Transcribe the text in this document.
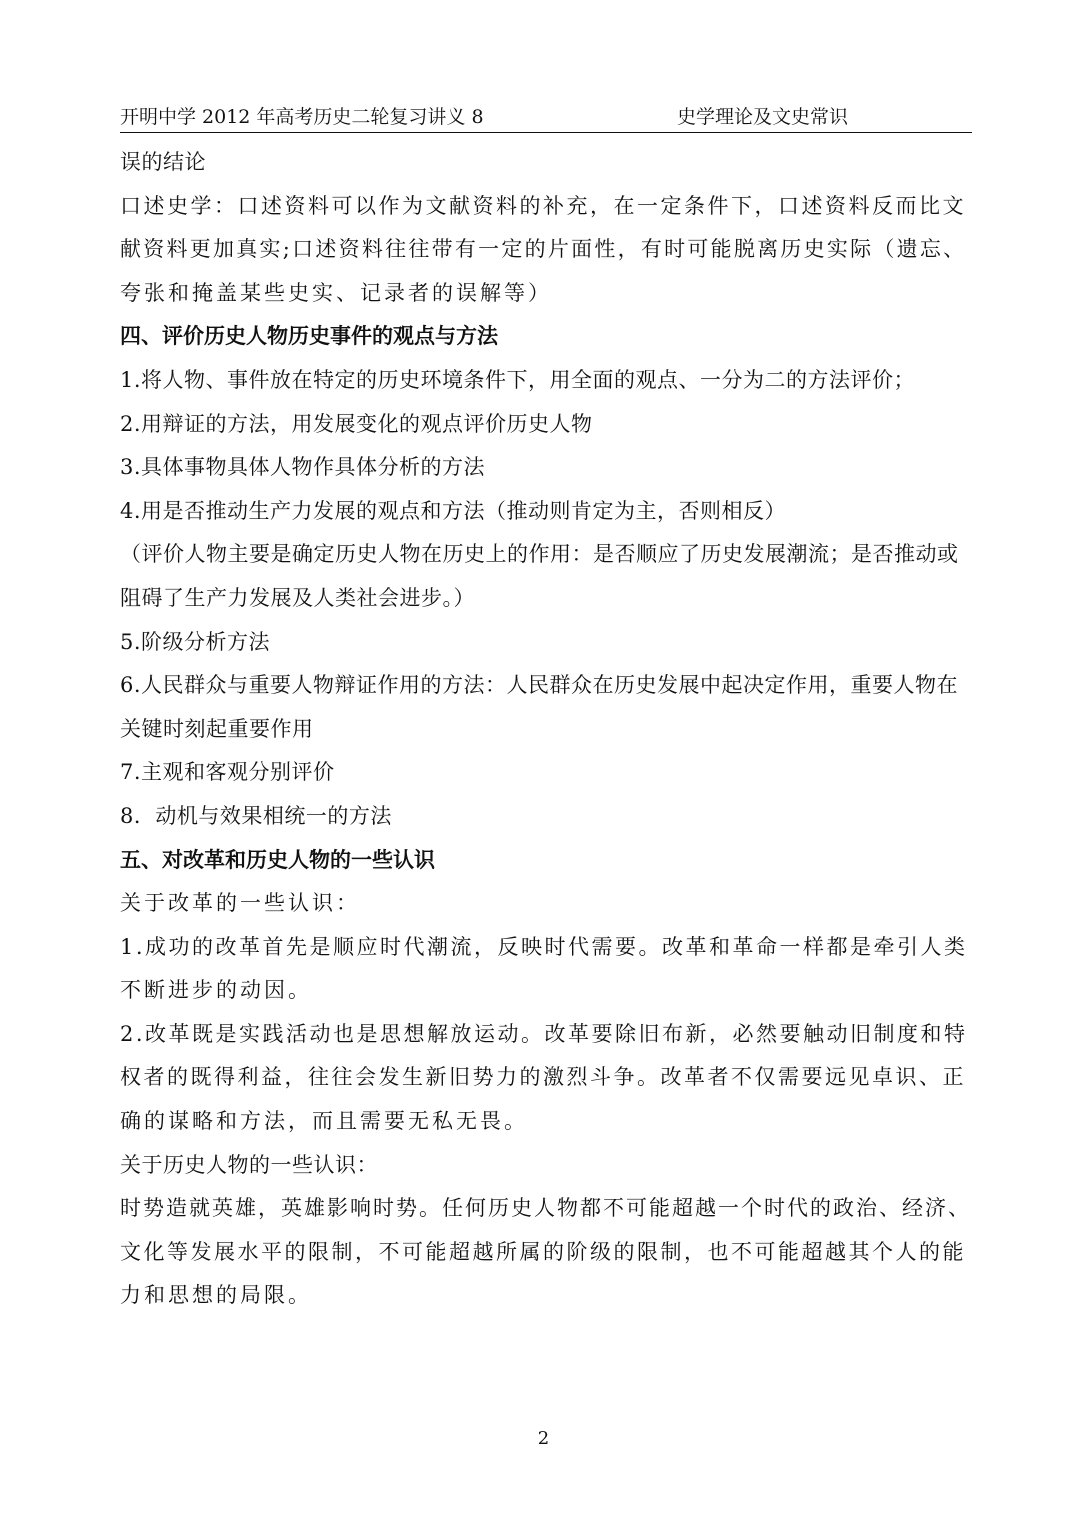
开明中学 2012 年高考历史二轮复习讲义 8	史学理论及文史常识
误的结论
口述史学：口述资料可以作为文献资料的补充，在一定条件下，口述资料反而比文
献资料更加真实;口述资料往往带有一定的片面性，有时可能脱离历史实际（遗忘、
夸张和掩盖某些史实、记录者的误解等）
四、评价历史人物历史事件的观点与方法
1.将人物、事件放在特定的历史环境条件下，用全面的观点、一分为二的方法评价；
2.用辩证的方法，用发展变化的观点评价历史人物
3.具体事物具体人物作具体分析的方法
4.用是否推动生产力发展的观点和方法（推动则肯定为主，否则相反）
（评价人物主要是确定历史人物在历史上的作用：是否顺应了历史发展潮流；是否推动或
阻碍了生产力发展及人类社会进步。）
5.阶级分析方法
6.人民群众与重要人物辩证作用的方法：人民群众在历史发展中起决定作用，重要人物在
关键时刻起重要作用
7.主观和客观分别评价
8．动机与效果相统一的方法
五、对改革和历史人物的一些认识
关于改革的一些认识：
1.成功的改革首先是顺应时代潮流，反映时代需要。改革和革命一样都是牵引人类
不断进步的动因。
2.改革既是实践活动也是思想解放运动。改革要除旧布新，必然要触动旧制度和特
权者的既得利益，往往会发生新旧势力的激烈斗争。改革者不仅需要远见卓识、正
确的谋略和方法，而且需要无私无畏。
关于历史人物的一些认识：
时势造就英雄，英雄影响时势。任何历史人物都不可能超越一个时代的政治、经济、
文化等发展水平的限制，不可能超越所属的阶级的限制，也不可能超越其个人的能
力和思想的局限。
2
